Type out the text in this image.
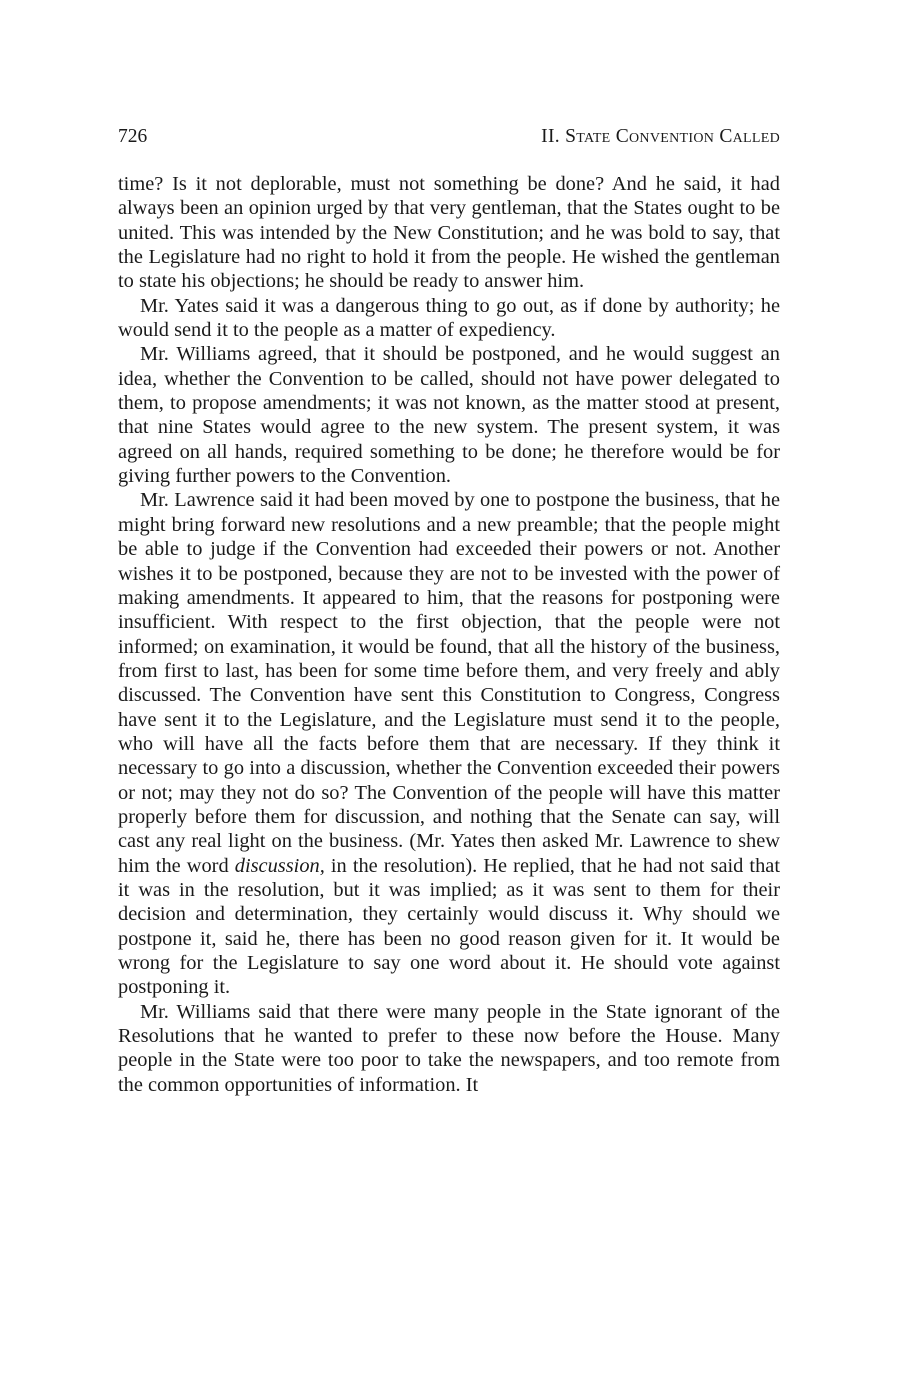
726	II. State Convention Called

time? Is it not deplorable, must not something be done? And he said, it had always been an opinion urged by that very gentleman, that the States ought to be united. This was intended by the New Constitution; and he was bold to say, that the Legislature had no right to hold it from the people. He wished the gentleman to state his objections; he should be ready to answer him.

Mr. Yates said it was a dangerous thing to go out, as if done by authority; he would send it to the people as a matter of expediency.

Mr. Williams agreed, that it should be postponed, and he would suggest an idea, whether the Convention to be called, should not have power delegated to them, to propose amendments; it was not known, as the matter stood at present, that nine States would agree to the new system. The present system, it was agreed on all hands, required something to be done; he therefore would be for giving further powers to the Convention.

Mr. Lawrence said it had been moved by one to postpone the business, that he might bring forward new resolutions and a new preamble; that the people might be able to judge if the Convention had exceeded their powers or not. Another wishes it to be postponed, because they are not to be invested with the power of making amendments. It appeared to him, that the reasons for postponing were insufficient. With respect to the first objection, that the people were not informed; on examination, it would be found, that all the history of the business, from first to last, has been for some time before them, and very freely and ably discussed. The Convention have sent this Constitution to Congress, Congress have sent it to the Legislature, and the Legislature must send it to the people, who will have all the facts before them that are necessary. If they think it necessary to go into a discussion, whether the Convention exceeded their powers or not; may they not do so? The Convention of the people will have this matter properly before them for discussion, and nothing that the Senate can say, will cast any real light on the business. (Mr. Yates then asked Mr. Lawrence to shew him the word discussion, in the resolution). He replied, that he had not said that it was in the resolution, but it was implied; as it was sent to them for their decision and determination, they certainly would discuss it. Why should we postpone it, said he, there has been no good reason given for it. It would be wrong for the Legislature to say one word about it. He should vote against postponing it.

Mr. Williams said that there were many people in the State ignorant of the Resolutions that he wanted to prefer to these now before the House. Many people in the State were too poor to take the newspapers, and too remote from the common opportunities of information. It
